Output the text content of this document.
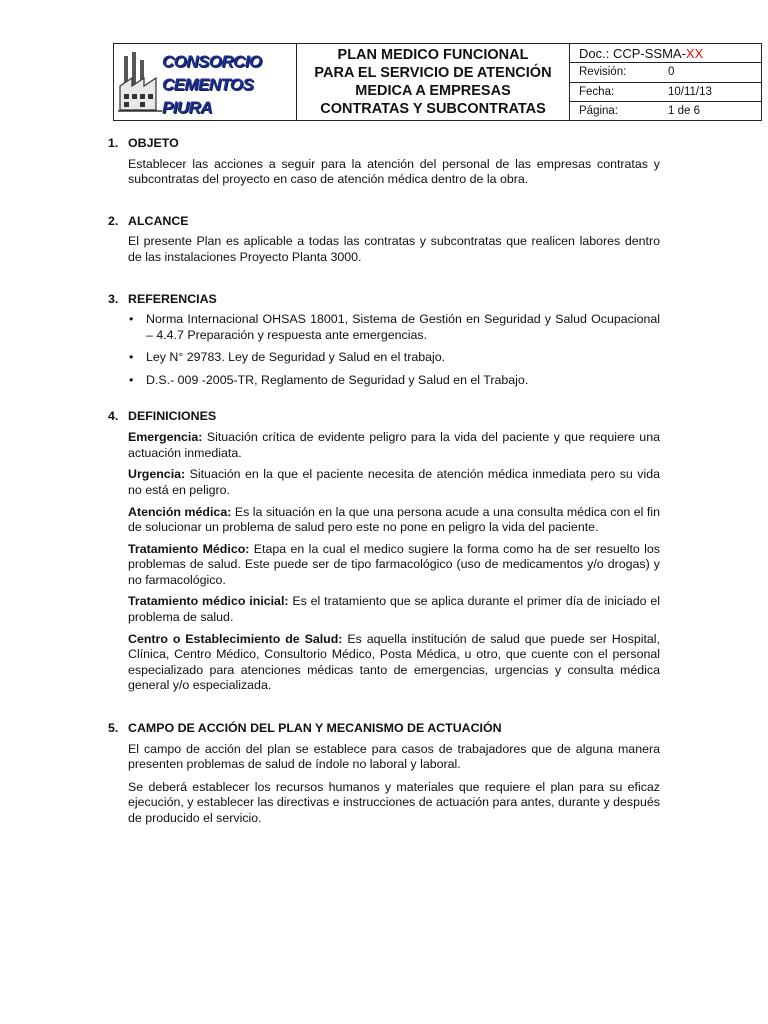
CONSORCIO
CEMENTOS PIURA
PLAN MEDICO FUNCIONAL
PARA EL SERVICIO DE ATENCIÓN
MEDICA A EMPRESAS
CONTRATAS Y SUBCONTRATAS
Doc.: CCP-SSMA- XX
Revisión:	0
Fecha:	10/11/13
Página:	1 de 6
1. OBJETO
Establecer las acciones a seguir para la atención del personal de las empresas contratas y subcontratas del proyecto en caso de atención médica dentro de la obra.
2. ALCANCE
El presente Plan es aplicable a todas las contratas y subcontratas que realicen labores dentro de las instalaciones Proyecto Planta 3000.
3. REFERENCIAS
• Norma Internacional OHSAS 18001, Sistema de Gestión en Seguridad y Salud Ocupacional – 4.4.7 Preparación y respuesta ante emergencias.
• Ley N° 29783. Ley de Seguridad y Salud en el trabajo.
• D.S.- 009 -2005-TR, Reglamento de Seguridad y Salud en el Trabajo.
4. DEFINICIONES
Emergencia: Situación crítica de evidente peligro para la vida del paciente y que requiere una actuación inmediata.
Urgencia: Situación en la que el paciente necesita de atención médica inmediata pero su vida no está en peligro.
Atención médica: Es la situación en la que una persona acude a una consulta médica con el fin de solucionar un problema de salud pero este no pone en peligro la vida del paciente.
Tratamiento Médico: Etapa en la cual el medico sugiere la forma como ha de ser resuelto los problemas de salud. Este puede ser de tipo farmacológico (uso de medicamentos y/o drogas) y no farmacológico.
Tratamiento médico inicial: Es el tratamiento que se aplica durante el primer día de iniciado el problema de salud.
Centro o Establecimiento de Salud: Es aquella institución de salud que puede ser Hospital, Clínica, Centro Médico, Consultorio Médico, Posta Médica, u otro, que cuente con el personal especializado para atenciones médicas tanto de emergencias, urgencias y consulta médica general y/o especializada.
5. CAMPO DE ACCIÓN DEL PLAN Y MECANISMO DE ACTUACIÓN
El campo de acción del plan se establece para casos de trabajadores que de alguna manera presenten problemas de salud de índole no laboral y laboral.
Se deberá establecer los recursos humanos y materiales que requiere el plan para su eficaz ejecución, y establecer las directivas e instrucciones de actuación para antes, durante y después de producido el servicio.
